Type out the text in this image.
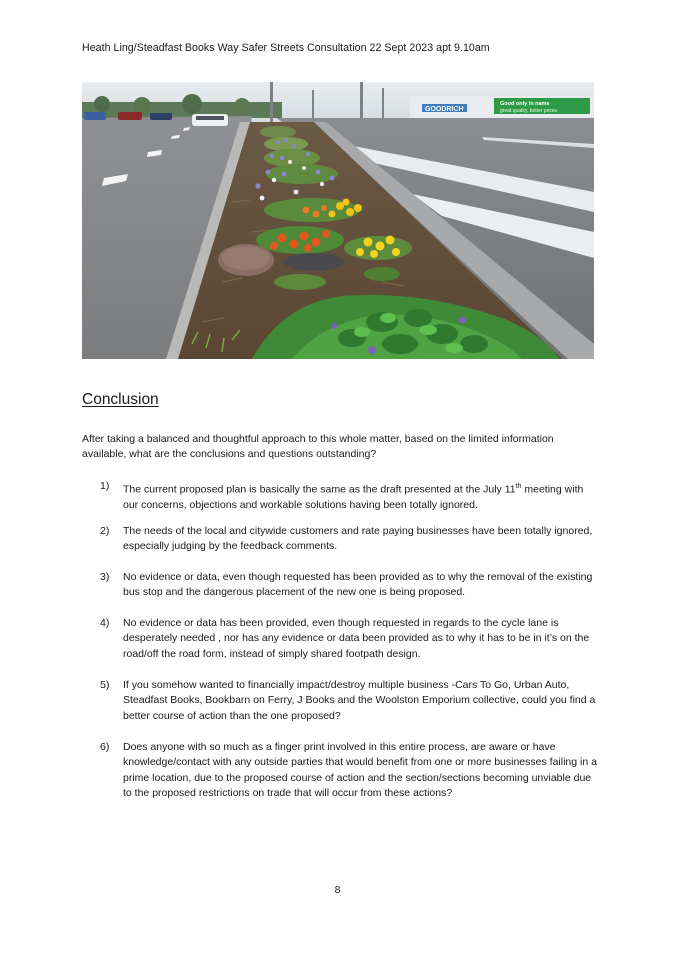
Heath Ling/Steadfast Books Way Safer Streets Consultation 22 Sept 2023 apt 9.10am
GOODRICH
Good only in name
great quality, better prices
Conclusion
After taking a balanced and thoughtful approach to this whole matter, based on the limited information available, what are the conclusions and questions outstanding?
1)	The current proposed plan is basically the same as the draft presented at the July 11th meeting with our concerns, objections and workable solutions having been totally ignored.
2)	The needs of the local and citywide customers and rate paying businesses have been totally ignored, especially judging by the feedback comments.
3)	No evidence or data, even though requested has been provided as to why the removal of the existing bus stop and the dangerous placement of the new one is being proposed.
4)	No evidence or data has been provided, even though requested in regards to the cycle lane is desperately needed , nor has any evidence or data been provided as to why it has to be in it’s on the road/off the road form, instead of simply shared footpath design.
5)	If you somehow wanted to financially impact/destroy multiple business -Cars To Go, Urban Auto, Steadfast Books, Bookbarn on Ferry, J Books and the Woolston Emporium collective, could you find a better course of action than the one proposed?
6)	Does anyone with so much as a finger print involved in this entire process, are aware or have knowledge/contact with any outside parties that would benefit from one or more businesses failing in a prime location, due to the proposed course of action and the section/sections becoming unviable due to the proposed restrictions on trade that will occur from these actions?
8
